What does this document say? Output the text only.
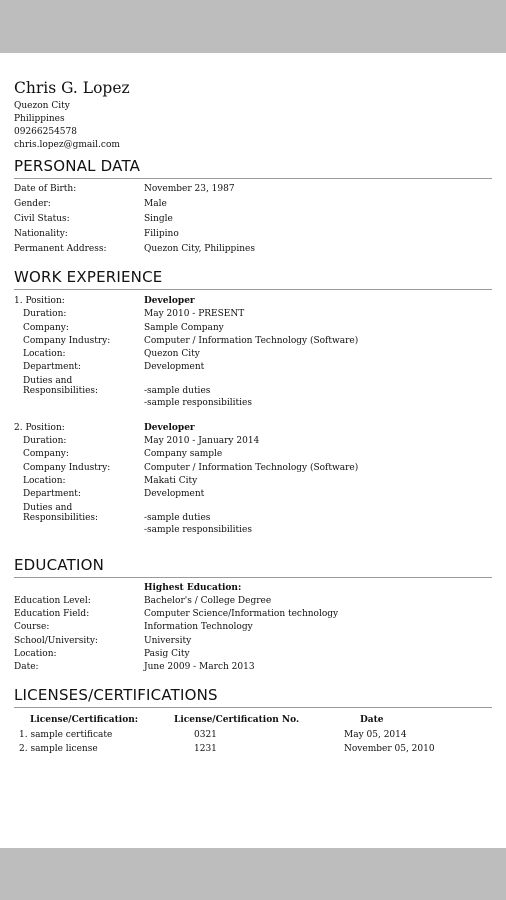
Chris G. Lopez
Quezon City
Philippines
09266254578
chris.lopez@gmail.com
PERSONAL DATA
Date of Birth:	November 23, 1987
Gender:	Male
Civil Status:	Single
Nationality:	Filipino
Permanent Address:	Quezon City, Philippines
WORK EXPERIENCE
1. Position:	Developer
Duration:	May 2010 - PRESENT
Company:	Sample Company
Company Industry:	Computer / Information Technology (Software)
Location:	Quezon City
Department:	Development
Duties and
Responsibilities:	-sample duties
-sample responsibilities
2. Position:	Developer
Duration:	May 2010 - January 2014
Company:	Company sample
Company Industry:	Computer / Information Technology (Software)
Location:	Makati City
Department:	Development
Duties and
Responsibilities:	-sample duties
-sample responsibilities
EDUCATION
Highest Education:
Education Level:	Bachelor's / College Degree
Education Field:	Computer Science/Information technology
Course:	Information Technology
School/University:	University
Location:	Pasig City
Date:	June 2009 - March 2013
LICENSES/CERTIFICATIONS
License/Certification:	License/Certification No.	Date
1. sample certificate	0321	May 05, 2014
2. sample license	1231	November 05, 2010
